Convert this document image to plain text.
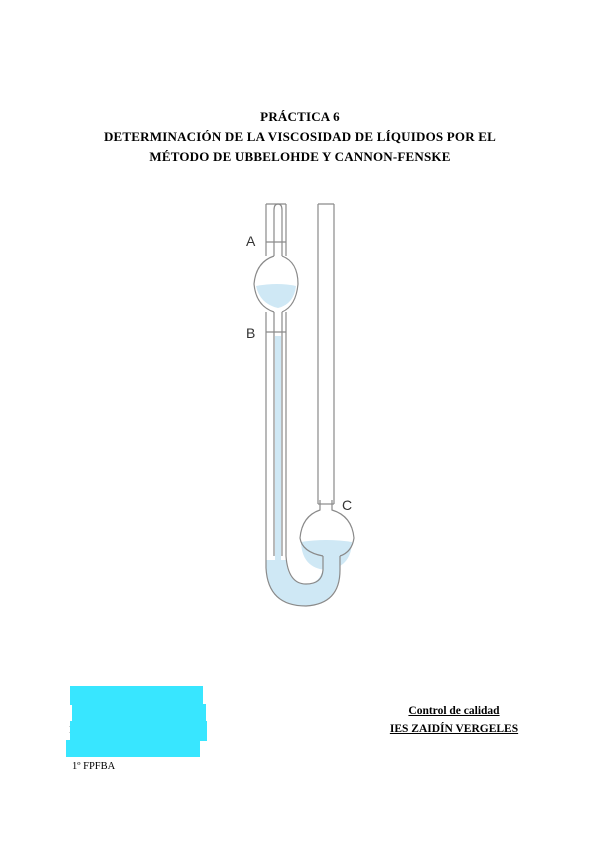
PRÁCTICA 6
DETERMINACIÓN DE LA VISCOSIDAD DE LÍQUIDOS POR EL
MÉTODO DE UBBELOHDE Y CANNON-FENSKE
A
B
C
1º FPFBA
Control de calidad
IES ZAIDÍN VERGELES
